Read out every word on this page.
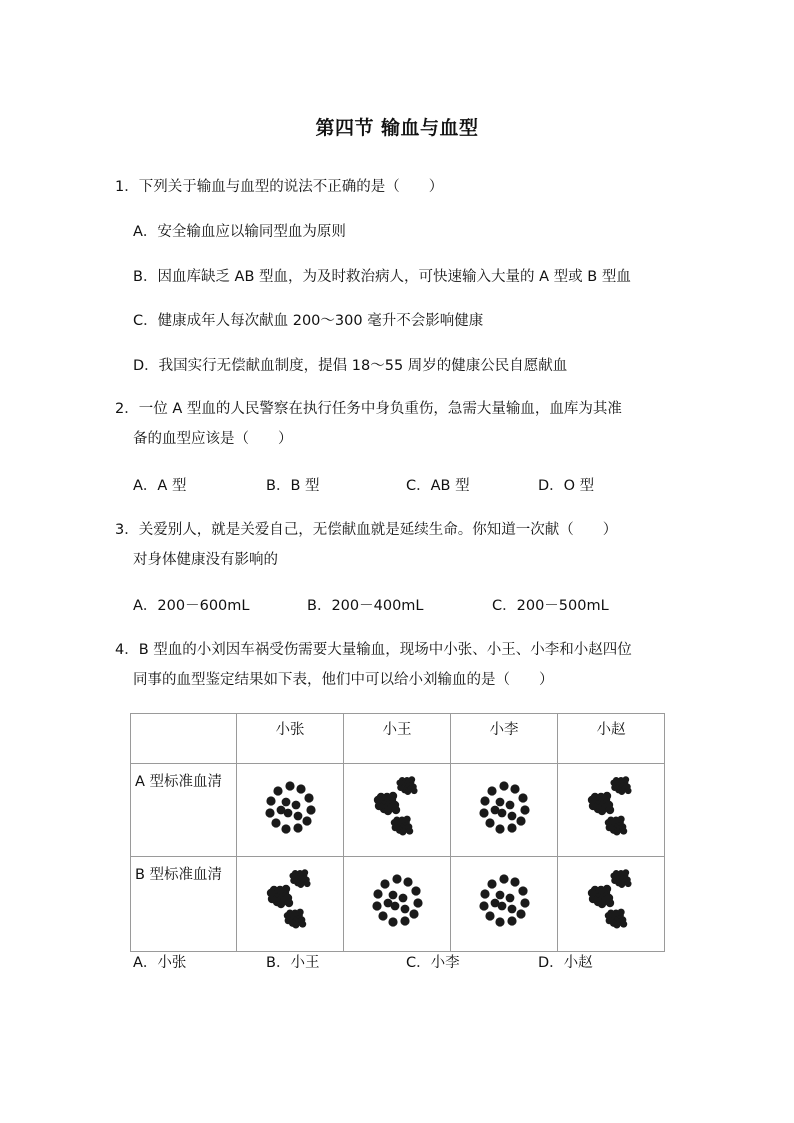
第四节 输血与血型
1．下列关于输血与血型的说法不正确的是（　　）
A．安全输血应以输同型血为原则
B．因血库缺乏 AB 型血，为及时救治病人，可快速输入大量的 A 型或 B 型血
C．健康成年人每次献血 200～300 毫升不会影响健康
D．我国实行无偿献血制度，提倡 18～55 周岁的健康公民自愿献血
2．一位 A 型血的人民警察在执行任务中身负重伤，急需大量输血，血库为其准
备的血型应该是（　　）
A．A 型	B．B 型	C．AB 型	D．O 型
3．关爱别人，就是关爱自己，无偿献血就是延续生命。你知道一次献（　　）
对身体健康没有影响的
A．200－600mL	B．200－400mL	C．200－500mL
4．B 型血的小刘因车祸受伤需要大量输血，现场中小张、小王、小李和小赵四位
同事的血型鉴定结果如下表，他们中可以给小刘输血的是（　　）
	小张	小王	小李	小赵
A 型标准血清	

B 型标准血清	

A．小张	B．小王	C．小李	D．小赵
